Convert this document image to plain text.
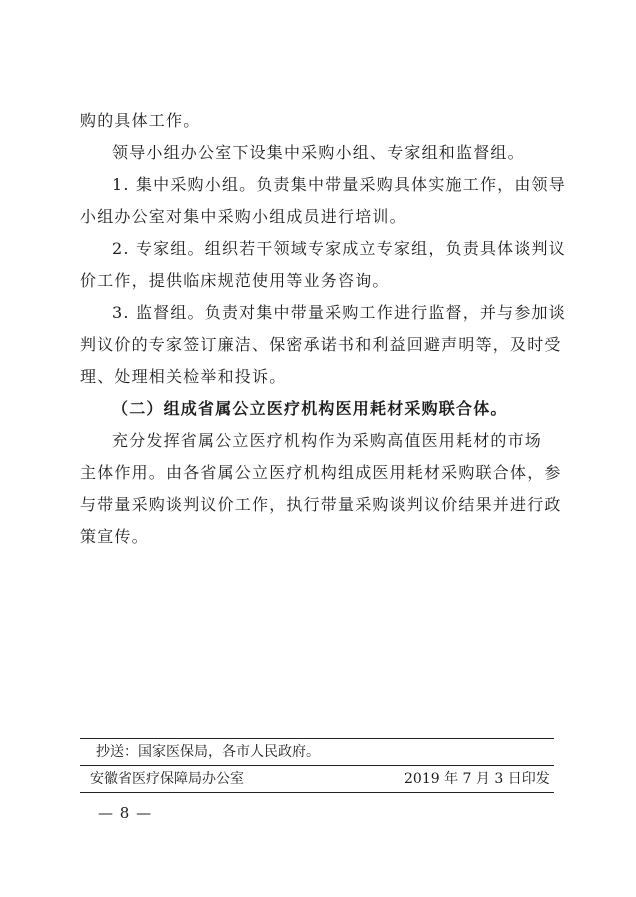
购的具体工作。
领导小组办公室下设集中采购小组、专家组和监督组。
1. 集中采购小组。负责集中带量采购具体实施工作，由领导
小组办公室对集中采购小组成员进行培训。
2. 专家组。组织若干领域专家成立专家组，负责具体谈判议
价工作，提供临床规范使用等业务咨询。
3. 监督组。负责对集中带量采购工作进行监督，并与参加谈
判议价的专家签订廉洁、保密承诺书和利益回避声明等，及时受
理、处理相关检举和投诉。
（二）组成省属公立医疗机构医用耗材采购联合体。
充分发挥省属公立医疗机构作为采购高值医用耗材的市场
主体作用。由各省属公立医疗机构组成医用耗材采购联合体，参
与带量采购谈判议价工作，执行带量采购谈判议价结果并进行政
策宣传。
抄送：国家医保局，各市人民政府。
安徽省医疗保障局办公室	2019 年 7 月 3 日印发
— 8 —
